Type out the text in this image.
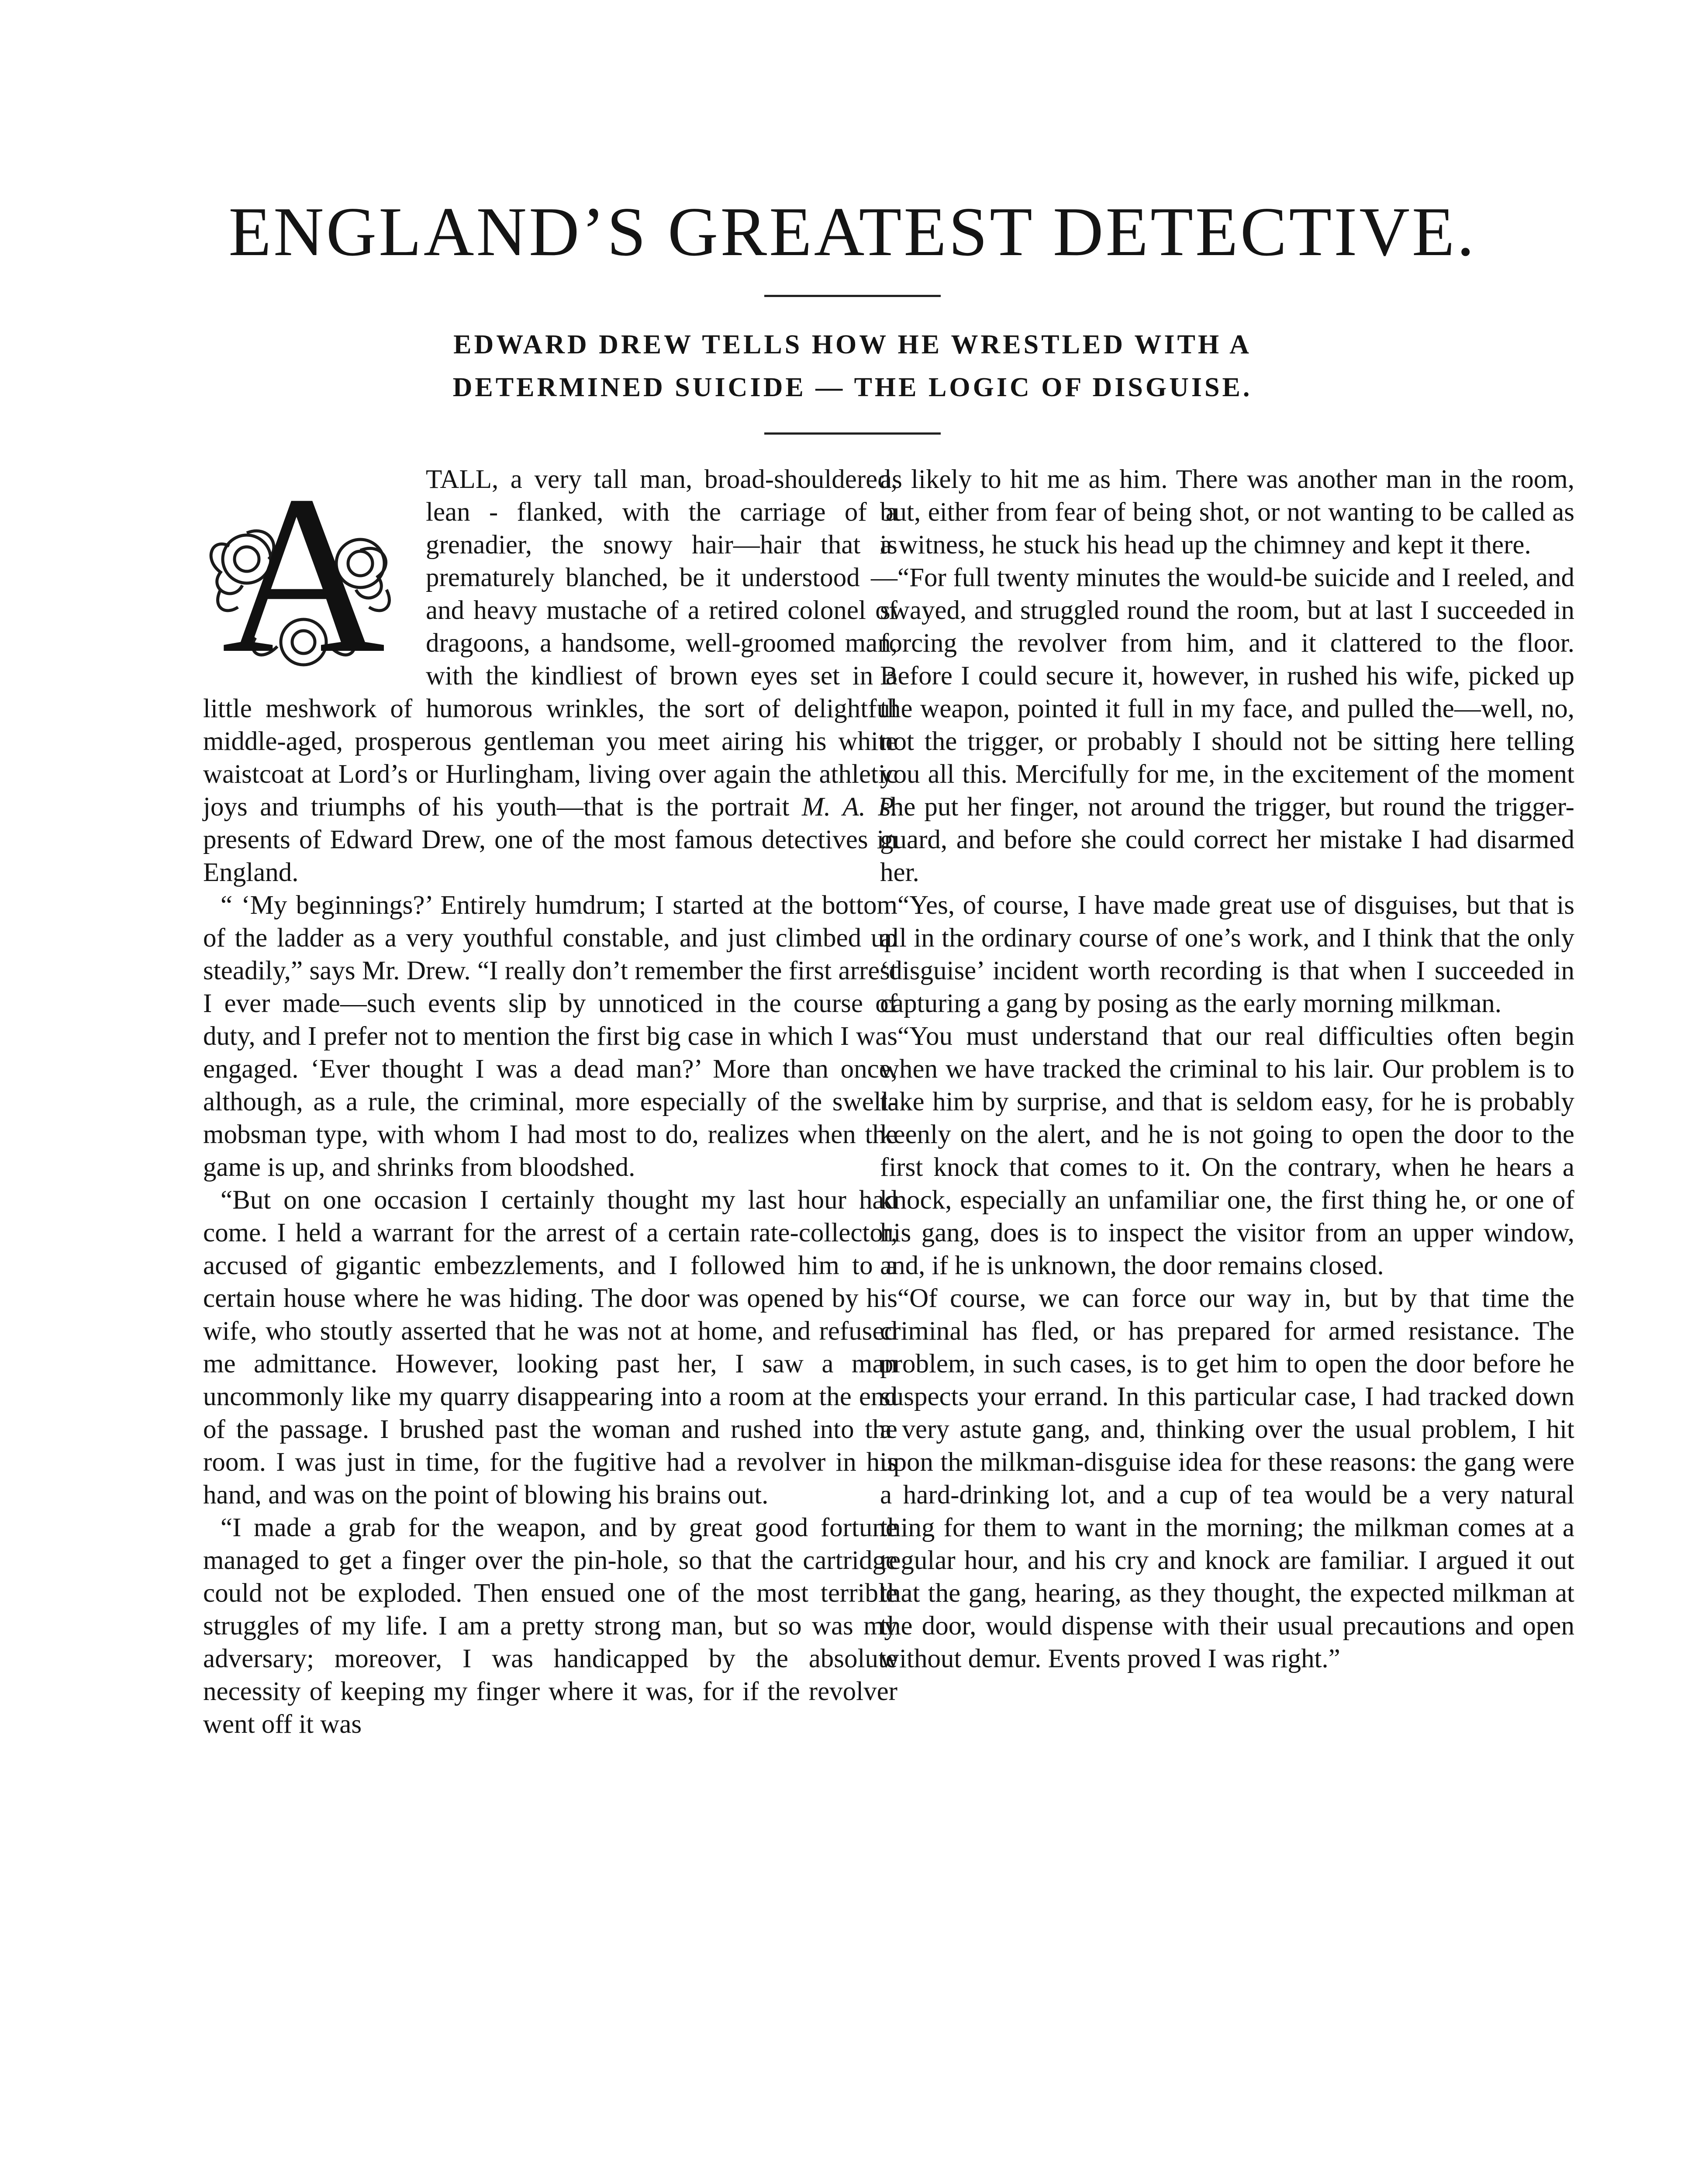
ENGLAND’S GREATEST DETECTIVE.
EDWARD DREW TELLS HOW HE WRESTLED WITH A
DETERMINED SUICIDE — THE LOGIC OF DISGUISE.
A	TALL, a very tall man, broad-shouldered, lean - flanked, with the carriage of a grenadier, the snowy hair—hair that is prematurely blanched, be it understood —and heavy mustache of a retired colonel of dragoons, a handsome, well-groomed man, with the kindliest of brown eyes set in a little meshwork of humorous wrinkles, the sort of delightful middle-aged, prosperous gentleman you meet airing his white waistcoat at Lord’s or Hurlingham, living over again the athletic joys and triumphs of his youth—that is the portrait M. A. P. presents of Edward Drew, one of the most famous detectives in England.

“ ‘My beginnings?’ Entirely humdrum; I started at the bottom of the ladder as a very youthful constable, and just climbed up steadily,” says Mr. Drew. “I really don’t remember the first arrest I ever made—such events slip by unnoticed in the course of duty, and I prefer not to mention the first big case in which I was engaged. ‘Ever thought I was a dead man?’ More than once, although, as a rule, the criminal, more especially of the swell-mobsman type, with whom I had most to do, realizes when the game is up, and shrinks from bloodshed.

“But on one occasion I certainly thought my last hour had come. I held a warrant for the arrest of a certain rate-collector, accused of gigantic embezzlements, and I followed him to a certain house where he was hiding. The door was opened by his wife, who stoutly asserted that he was not at home, and refused me admittance. However, looking past her, I saw a man uncommonly like my quarry disappearing into a room at the end of the passage. I brushed past the woman and rushed into the room. I was just in time, for the fugitive had a revolver in his hand, and was on the point of blowing his brains out.

“I made a grab for the weapon, and by great good fortune managed to get a finger over the pin-hole, so that the cartridge could not be exploded. Then ensued one of the most terrible struggles of my life. I am a pretty strong man, but so was my adversary; moreover, I was handicapped by the absolute necessity of keeping my finger where it was, for if the revolver went off it was

as likely to hit me as him. There was another man in the room, but, either from fear of being shot, or not wanting to be called as a witness, he stuck his head up the chimney and kept it there.

“For full twenty minutes the would-be suicide and I reeled, and swayed, and struggled round the room, but at last I succeeded in forcing the revolver from him, and it clattered to the floor. Before I could secure it, however, in rushed his wife, picked up the weapon, pointed it full in my face, and pulled the—well, no, not the trigger, or probably I should not be sitting here telling you all this. Mercifully for me, in the excitement of the moment she put her finger, not around the trigger, but round the trigger-guard, and before she could correct her mistake I had disarmed her.

“Yes, of course, I have made great use of disguises, but that is all in the ordinary course of one’s work, and I think that the only ‘disguise’ incident worth recording is that when I succeeded in capturing a gang by posing as the early morning milkman.

“You must understand that our real difficulties often begin when we have tracked the criminal to his lair. Our problem is to take him by surprise, and that is seldom easy, for he is probably keenly on the alert, and he is not going to open the door to the first knock that comes to it. On the contrary, when he hears a knock, especially an unfamiliar one, the first thing he, or one of his gang, does is to inspect the visitor from an upper window, and, if he is unknown, the door remains closed.

“Of course, we can force our way in, but by that time the criminal has fled, or has prepared for armed resistance. The problem, in such cases, is to get him to open the door before he suspects your errand. In this particular case, I had tracked down a very astute gang, and, thinking over the usual problem, I hit upon the milkman-disguise idea for these reasons: the gang were a hard-drinking lot, and a cup of tea would be a very natural thing for them to want in the morning; the milkman comes at a regular hour, and his cry and knock are familiar. I argued it out that the gang, hearing, as they thought, the expected milkman at the door, would dispense with their usual precautions and open without demur. Events proved I was right.”
